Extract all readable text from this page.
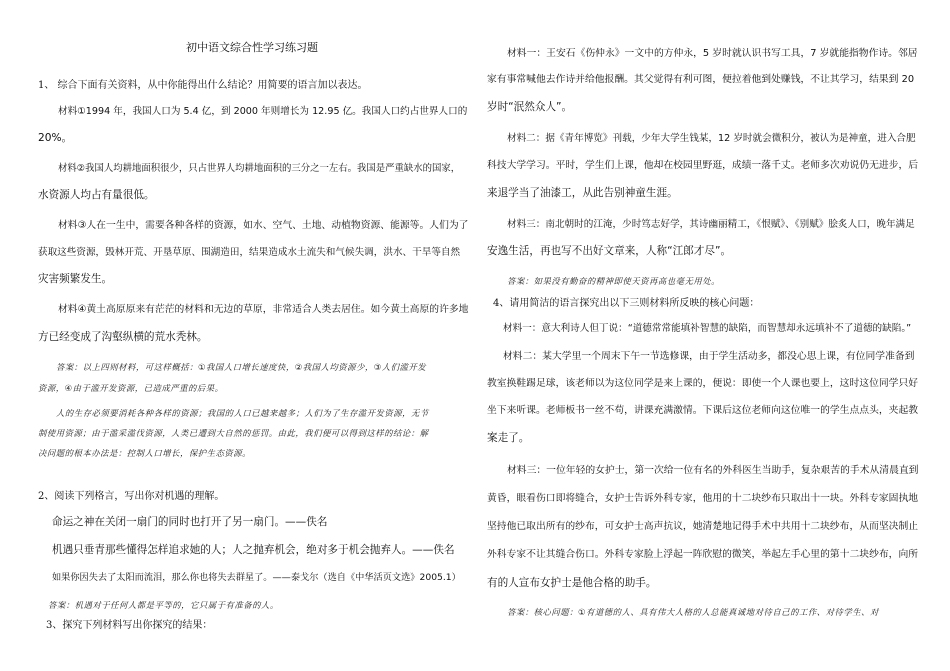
初中语文综合性学习练习题
1、 综合下面有关资料，从中你能得出什么结论？用简要的语言加以表达。
材料①1994 年，我国人口为 5.4 亿，到 2000 年则增长为 12.95 亿。我国人口约占世界人口的
20%。
材料②我国人均耕地面积很少，只占世界人均耕地面积的三分之一左右。我国是严重缺水的国家，
水资源人均占有量很低。
材料③人在一生中，需要各种各样的资源，如水、空气、土地、动植物资源、能源等。人们为了
获取这些资源，毁林开荒、开垦草原、围湖造田，结果造成水土流失和气候失调，洪水、干旱等自然
灾害频繁发生。
材料④黄土高原原来有茫茫的材料和无边的草原，非常适合人类去居住。如今黄土高原的许多地
方已经变成了沟壑纵横的荒水秃林。
答案：以上四则材料，可这样概括：①我国人口增长速度快，②我国人均资源少，③人们滥开发
资源，④由于滥开发资源，已造成严重的后果。
人的生存必须要消耗各种各样的资源；我国的人口已越来越多；人们为了生存滥开发资源，无节
制使用资源；由于滥采滥伐资源，人类已遭到大自然的惩罚。由此，我们便可以得到这样的结论：解
决问题的根本办法是：控制人口增长，保护生态资源。
2、阅读下列格言，写出你对机遇的理解。
命运之神在关闭一扇门的同时也打开了另一扇门。——佚名
机遇只垂青那些懂得怎样追求她的人；人之抛弃机会，绝对多于机会抛弃人。——佚名
如果你因失去了太阳而流泪，那么你也将失去群星了。——泰戈尔（选自《中华活页文选》2005.1）
答案：机遇对于任何人都是平等的，它只属于有准备的人。
3、探究下列材料写出你探究的结果：
材料一：王安石《伤仲永》一文中的方仲永，5 岁时就认识书写工具，7 岁就能指物作诗。邻居
家有事常喊他去作诗并给他报酬。其父觉得有利可图，便拉着他到处赚钱，不让其学习，结果到 20
岁时“泯然众人”。
材料二：据《青年博览》刊载，少年大学生钱某，12 岁时就会微积分，被认为是神童，进入合肥
科技大学学习。平时，学生们上课，他却在校园里野逛，成绩一落千丈。老师多次劝说仍无进步，后
来退学当了油漆工，从此告别神童生涯。
材料三：南北朝时的江淹，少时笃志好学，其诗幽丽精工，《恨赋》、《别赋》脍炙人口，晚年满足
安逸生活，再也写不出好文章来，人称“江郎才尽”。
答案：如果没有勤奋的精神即使天资再高也毫无用处。
4、请用简洁的语言探究出以下三则材料所反映的核心问题：
材料一：意大利诗人但丁说：“道德常常能填补智慧的缺陷，而智慧却永远填补不了道德的缺陷。”
材料二：某大学里一个周末下午一节选修课，由于学生活动多，都没心思上课，有位同学准备到
教室换鞋踢足球，该老师以为这位同学是来上课的，便说：即使一个人课也要上，这时这位同学只好
坐下来听课。老师板书一丝不苟，讲课充满激情。下课后这位老师向这位唯一的学生点点头，夹起教
案走了。
材料三：一位年轻的女护士，第一次给一位有名的外科医生当助手，复杂艰苦的手术从清晨直到
黄昏，眼看伤口即将缝合，女护士告诉外科专家，他用的十二块纱布只取出十一块。外科专家固执地
坚持他已取出所有的纱布，可女护士高声抗议，她清楚地记得手术中共用十二块纱布，从而坚决制止
外科专家不让其缝合伤口。外科专家脸上浮起一阵欣慰的微笑，举起左手心里的第十二块纱布，向所
有的人宣布女护士是他合格的助手。
答案：核心问题：①有道德的人、具有伟大人格的人总能真诚地对待自己的工作、对待学生、对
